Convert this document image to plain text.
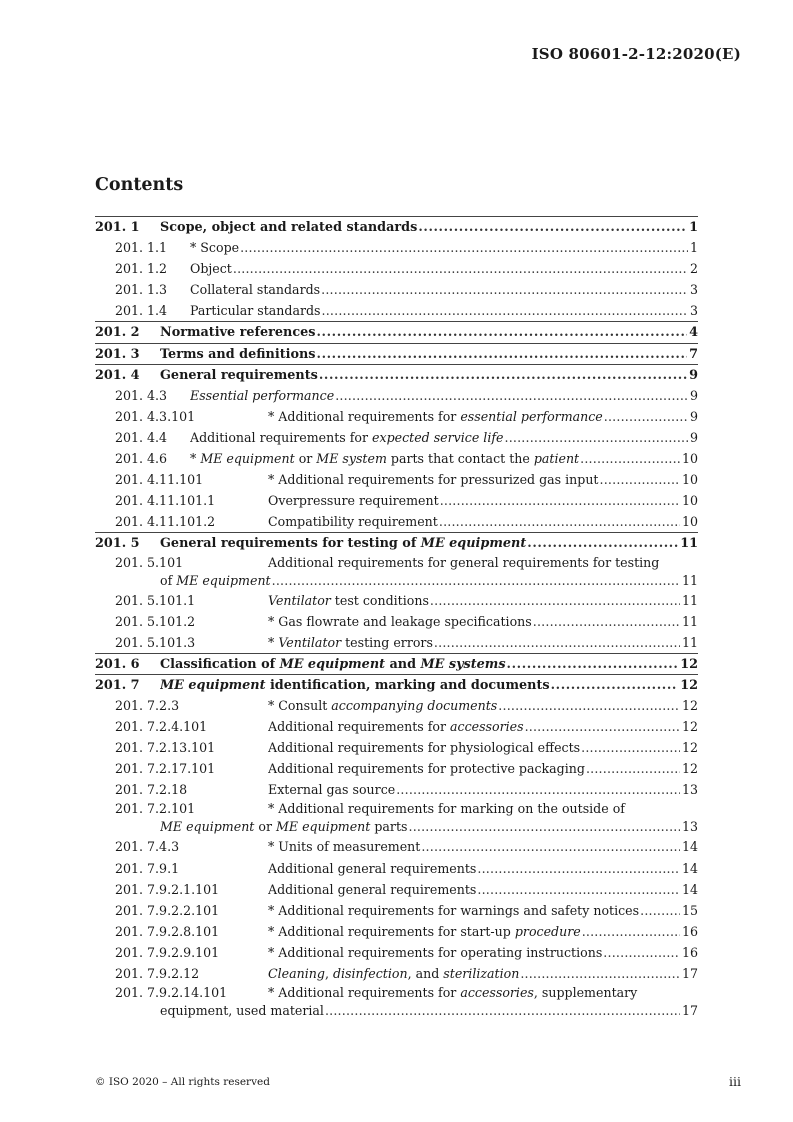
ISO 80601-2-12:2020(E)
Contents
201. 1 Scope, object and related standards .....	1
201. 1.1 * Scope .....	1
201. 1.2 Object .....	2
201. 1.3 Collateral standards .....	3
201. 1.4 Particular standards .....	3
201. 2 Normative references .....	4
201. 3 Terms and definitions .....	7
201. 4 General requirements .....	9
201. 4.3 Essential performance .....	9
201. 4.3.101	* Additional requirements for essential performance .....	9
201. 4.4 Additional requirements for expected service life .....	9
201. 4.6 * ME equipment or ME system parts that contact the patient .....	10
201. 4.11.101	* Additional requirements for pressurized gas input .....	10
201. 4.11.101.1	Overpressure requirement .....	10
201. 4.11.101.2	Compatibility requirement .....	10
201. 5 General requirements for testing of ME equipment .....	11
201. 5.101	Additional requirements for general requirements for testing
of ME equipment .....	11
201. 5.101.1	Ventilator test conditions .....	11
201. 5.101.2	* Gas flowrate and leakage specifications .....	11
201. 5.101.3	* Ventilator testing errors .....	11
201. 6 Classification of ME equipment and ME systems .....	12
201. 7 ME equipment identification, marking and documents .....	12
201. 7.2.3	* Consult accompanying documents .....	12
201. 7.2.4.101	Additional requirements for accessories .....	12
201. 7.2.13.101	Additional requirements for physiological effects .....	12
201. 7.2.17.101	Additional requirements for protective packaging .....	12
201. 7.2.18	External gas source .....	13
201. 7.2.101	* Additional requirements for marking on the outside of
ME equipment or ME equipment parts .....	13
201. 7.4.3	* Units of measurement .....	14
201. 7.9.1	Additional general requirements .....	14
201. 7.9.2.1.101	Additional general requirements .....	14
201. 7.9.2.2.101	* Additional requirements for warnings and safety notices .....	15
201. 7.9.2.8.101	* Additional requirements for start-up procedure .....	16
201. 7.9.2.9.101	* Additional requirements for operating instructions .....	16
201. 7.9.2.12	Cleaning, disinfection, and sterilization .....	17
201. 7.9.2.14.101	* Additional requirements for accessories, supplementary
equipment, used material .....	17
© ISO 2020 – All rights reserved	iii
